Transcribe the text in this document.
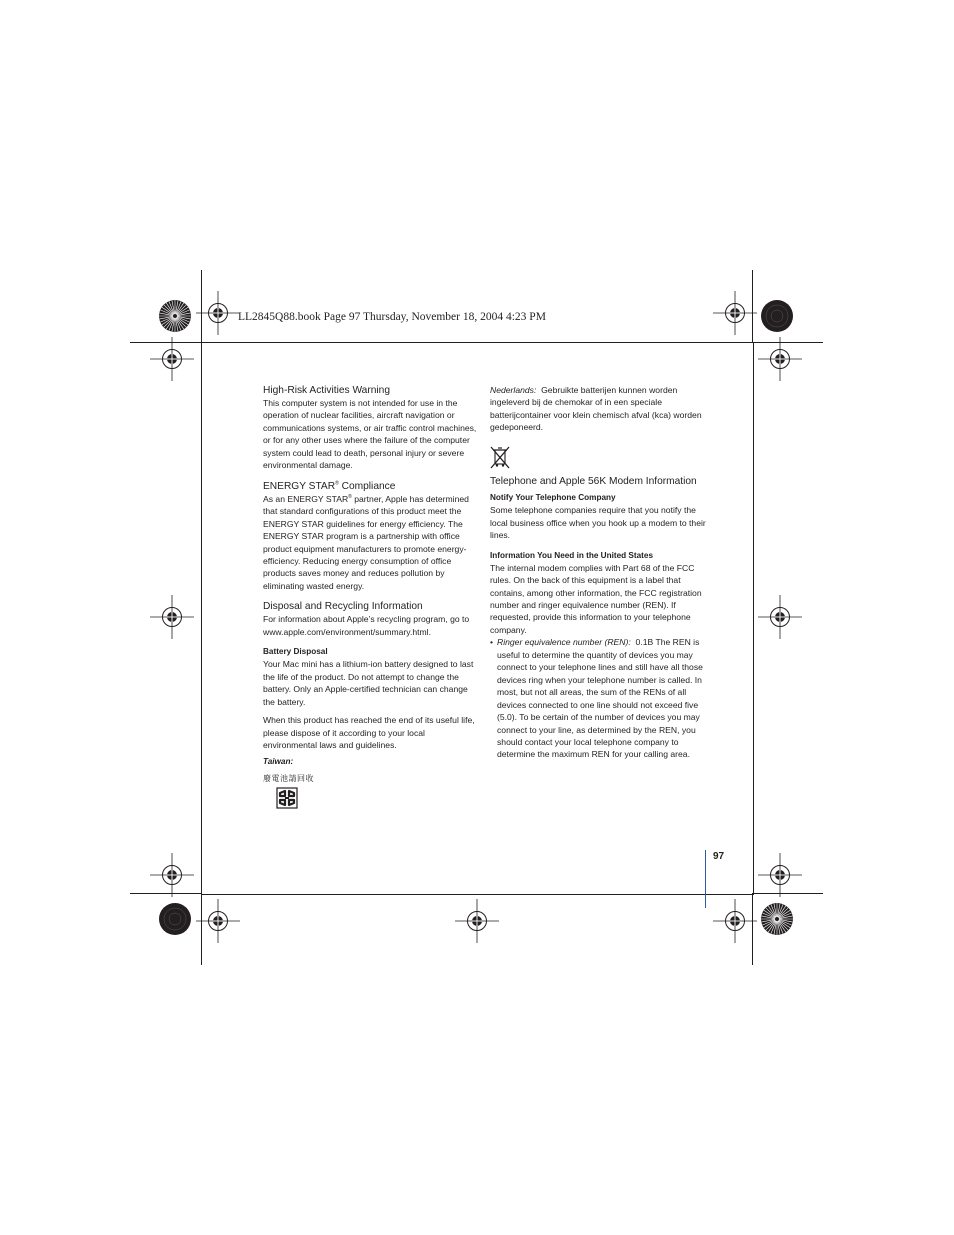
LL2845Q88.book Page 97 Thursday, November 18, 2004 4:23 PM
High-Risk Activities Warning

This computer system is not intended for use in the operation of nuclear facilities, aircraft navigation or communications systems, or air traffic control machines, or for any other uses where the failure of the computer system could lead to death, personal injury or severe environmental damage.

ENERGY STAR® Compliance

As an ENERGY STAR® partner, Apple has determined that standard configurations of this product meet the ENERGY STAR guidelines for energy efficiency. The ENERGY STAR program is a partnership with office product equipment manufacturers to promote energy-efficiency. Reducing energy consumption of office products saves money and reduces pollution by eliminating wasted energy.

Disposal and Recycling Information

For information about Apple’s recycling program, go to www.apple.com/environment/summary.html.

Battery Disposal

Your Mac mini has a lithium-ion battery designed to last the life of the product. Do not attempt to change the battery. Only an Apple-certified technician can change the battery.

When this product has reached the end of its useful life, please dispose of it according to your local environmental laws and guidelines.

Taiwan:

廢電池請回收

Nederlands: Gebruikte batterijen kunnen worden ingeleverd bij de chemokar of in een speciale batterijcontainer voor klein chemisch afval (kca) worden gedeponeerd.

Telephone and Apple 56K Modem Information
Notify Your Telephone Company

Some telephone companies require that you notify the local business office when you hook up a modem to their lines.

Information You Need in the United States

The internal modem complies with Part 68 of the FCC rules. On the back of this equipment is a label that contains, among other information, the FCC registration number and ringer equivalence number (REN). If requested, provide this information to your telephone company.

• Ringer equivalence number (REN): 0.1B The REN is useful to determine the quantity of devices you may connect to your telephone lines and still have all those devices ring when your telephone number is called. In most, but not all areas, the sum of the RENs of all devices connected to one line should not exceed five (5.0). To be certain of the number of devices you may connect to your line, as determined by the REN, you should contact your local telephone company to determine the maximum REN for your calling area.

97
